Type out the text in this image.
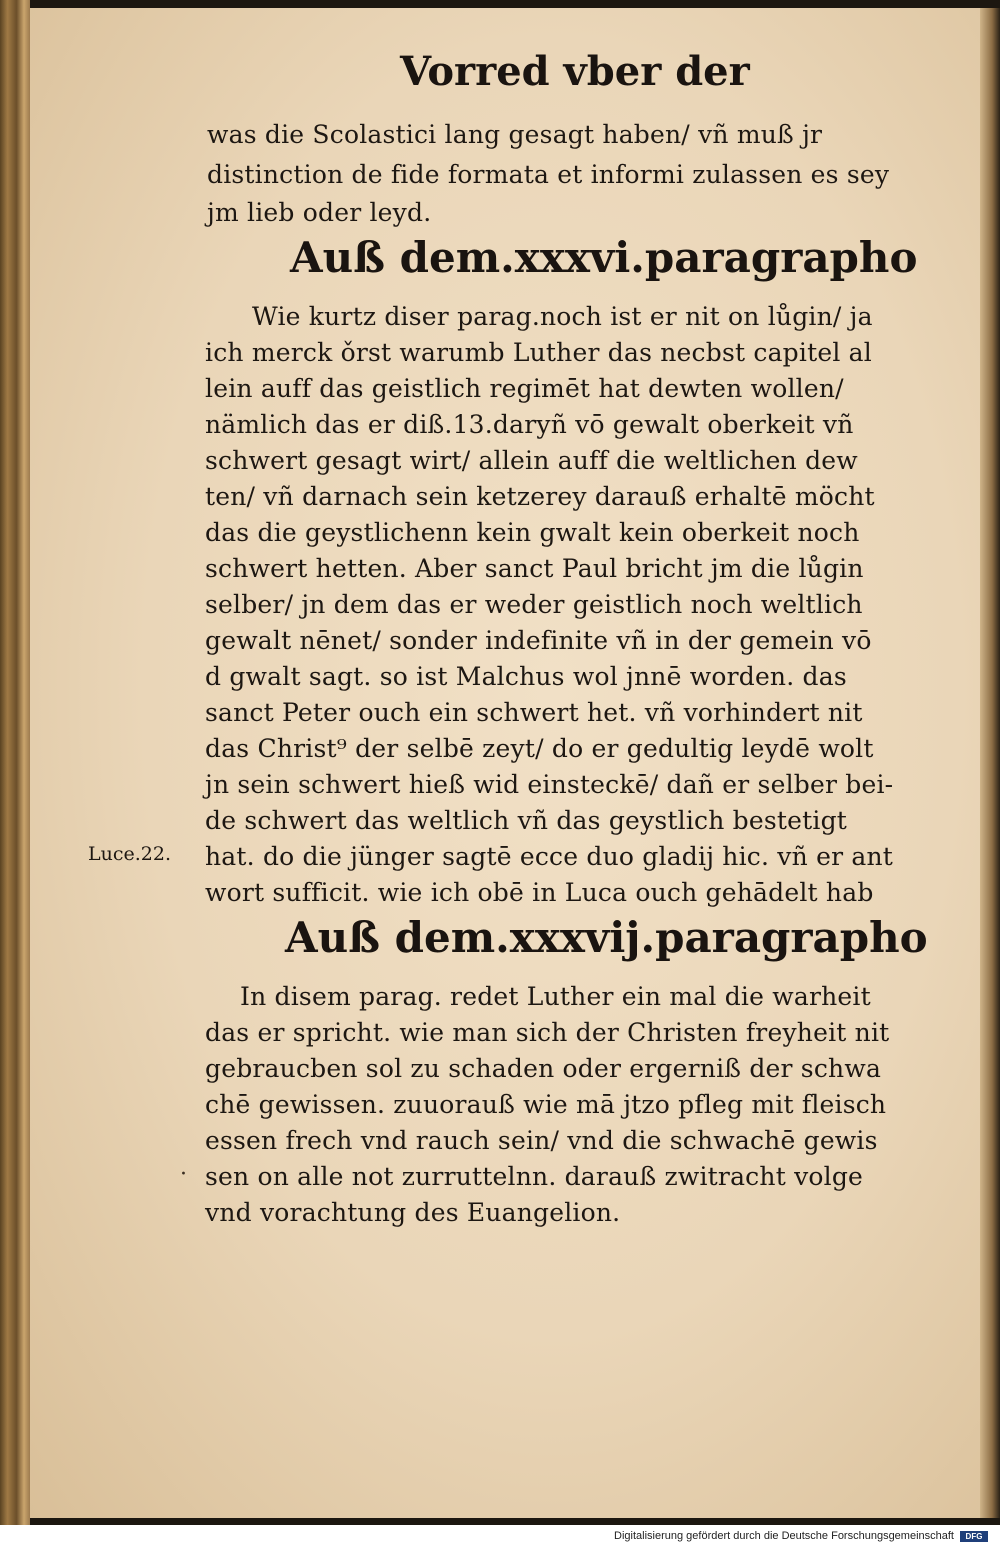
Vorred vber der
was die Scolastici lang gesagt haben/ vñ muß jr
distinction de fide formata et informi zulassen es sey
jm lieb oder leyd.
Auß dem.xxxvi.paragrapho
Wie kurtz diser parag.noch ist er nit on lůgin/ ja
ich merck ǒrst warumb Luther das necbst capitel al
lein auff das geistlich regimēt hat dewten wollen/
nämlich das er diß.13.daryñ vō gewalt oberkeit vñ
schwert gesagt wirt/ allein auff die weltlichen dew
ten/ vñ darnach sein ketzerey darauß erhaltē möcht
das die geystlichenn kein gwalt kein oberkeit noch
schwert hetten. Aber sanct Paul bricht jm die lůgin
selber/ jn dem das er weder geistlich noch weltlich
gewalt nēnet/ sonder indefinite vñ in der gemein vō
d gwalt sagt. so ist Malchus wol jnnē worden. das
sanct Peter ouch ein schwert het. vñ vorhindert nit
das Christ⁹ der selbē zeyt/ do er gedultig leydē wolt
jn sein schwert hieß wid einsteckē/ dañ er selber bei-
de schwert das weltlich vñ das geystlich bestetigt
hat. do die jünger sagtē ecce duo gladij hic. vñ er ant
wort sufficit. wie ich obē in Luca ouch gehādelt hab
Luce.22.
Auß dem.xxxvij.paragrapho
In disem parag. redet Luther ein mal die warheit
das er spricht. wie man sich der Christen freyheit nit
gebraucben sol zu schaden oder ergerniß der schwa
chē gewissen. zuuorauß wie mā jtzo pfleg mit fleisch
essen frech vnd rauch sein/ vnd die schwachē gewis
sen on alle not zurruttelnn. darauß zwitracht volge
vnd vorachtung des Euangelion.
·
Digitalisierung gefördert durch die Deutsche Forschungsgemeinschaft	DFG
